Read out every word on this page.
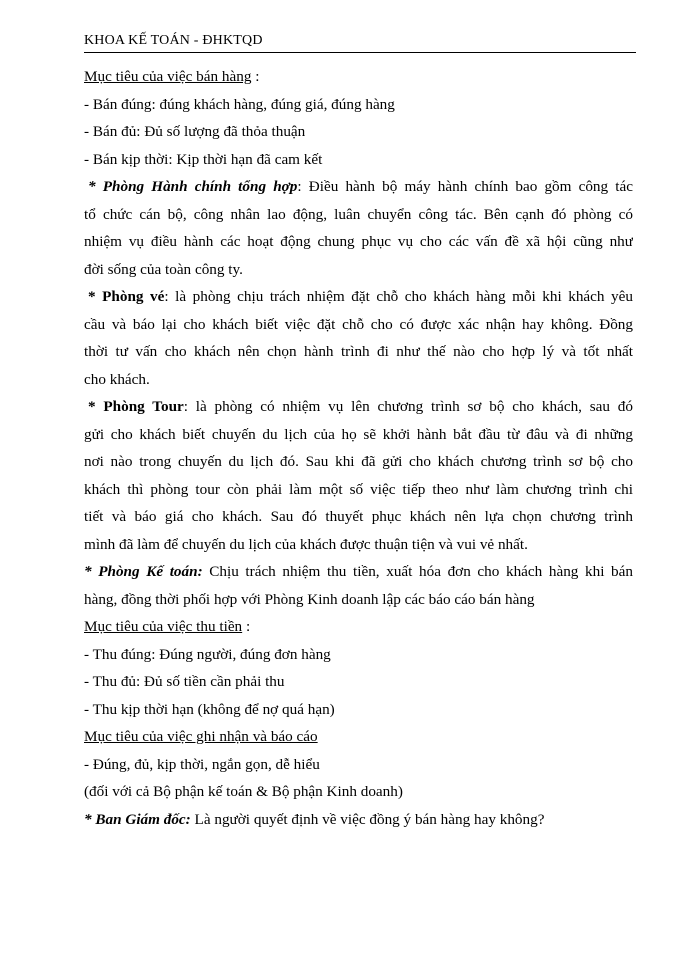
KHOA KẾ TOÁN - ĐHKTQD
Mục tiêu của việc bán hàng :
- Bán đúng: đúng khách hàng, đúng giá, đúng hàng
- Bán đủ: Đủ số lượng đã thỏa thuận
- Bán kịp thời: Kịp thời hạn đã cam kết
* Phòng Hành chính tổng hợp: Điều hành bộ máy hành chính bao gồm công tác
tổ chức cán bộ, công nhân lao động, luân chuyển công tác. Bên cạnh đó phòng có
nhiệm vụ điều hành các hoạt động chung phục vụ cho các vấn đề xã hội cũng như
đời sống của toàn công ty.
* Phòng vé: là phòng chịu trách nhiệm đặt chỗ cho khách hàng mỗi khi khách yêu
cầu và báo lại cho khách biết việc đặt chỗ cho có được xác nhận hay không. Đồng
thời tư vấn cho khách nên chọn hành trình đi như thế nào cho hợp lý và tốt nhất
cho khách.
* Phòng Tour: là phòng có nhiệm vụ lên chương trình sơ bộ cho khách, sau đó
gửi cho khách biết chuyến du lịch của họ sẽ khởi hành bắt đầu từ đâu và đi những
nơi nào trong chuyến du lịch đó. Sau khi đã gửi cho khách chương trình sơ bộ cho
khách thì phòng tour còn phải làm một số việc tiếp theo như làm chương trình chi
tiết và báo giá cho khách. Sau đó thuyết phục khách nên lựa chọn chương trình
mình đã làm để chuyến du lịch của khách được thuận tiện và vui vẻ nhất.
* Phòng Kế toán: Chịu trách nhiệm thu tiền, xuất hóa đơn cho khách hàng khi bán
hàng, đồng thời phối hợp với Phòng Kinh doanh lập các báo cáo bán hàng
Mục tiêu của việc thu tiền :
- Thu đúng: Đúng người, đúng đơn hàng
- Thu đủ: Đủ số tiền cần phải thu
- Thu kịp thời hạn (không để nợ quá hạn)
Mục tiêu của việc ghi nhận và báo cáo
- Đúng, đủ, kịp thời, ngắn gọn, dễ hiểu
(đối với cả Bộ phận kế toán & Bộ phận Kinh doanh)
* Ban Giám đốc: Là người quyết định về việc đồng ý bán hàng hay không?
